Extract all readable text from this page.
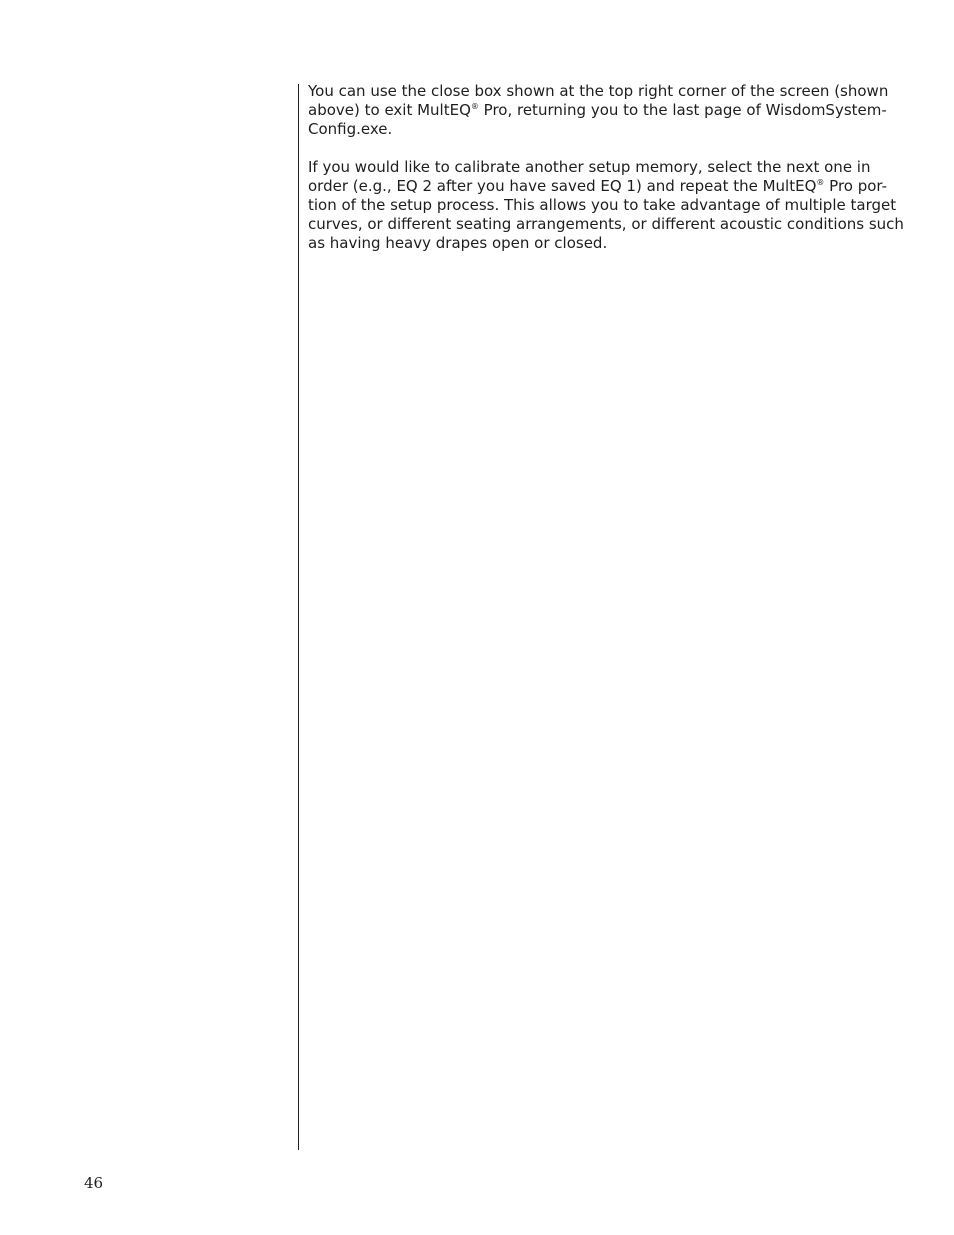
You can use the close box shown at the top right corner of the screen (shown
above) to exit MultEQ® Pro, returning you to the last page of WisdomSystem-
Config.exe.

If you would like to calibrate another setup memory, select the next one in
order (e.g., EQ 2 after you have saved EQ 1) and repeat the MultEQ® Pro por-
tion of the setup process. This allows you to take advantage of multiple target
curves, or different seating arrangements, or different acoustic conditions such
as having heavy drapes open or closed.

46
